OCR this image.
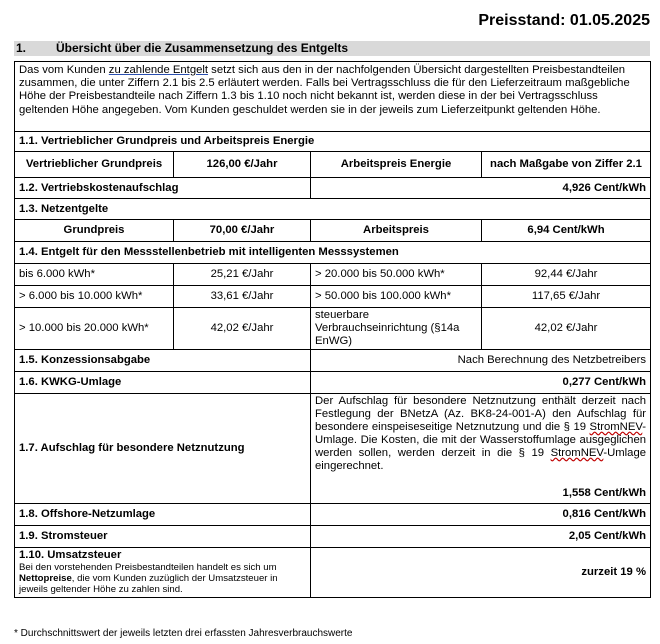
Preisstand: 01.05.2025
1. Übersicht über die Zusammensetzung des Entgelts
Das vom Kunden zu zahlende Entgelt setzt sich aus den in der nachfolgenden Übersicht dargestellten Preisbestandteilen zusammen, die unter Ziffern 2.1 bis 2.5 erläutert werden. Falls bei Vertragsschluss die für den Lieferzeitraum maßgebliche Höhe der Preisbestandteile nach Ziffern 1.3 bis 1.10 noch nicht bekannt ist, werden diese in der bei Vertragsschluss geltenden Höhe angegeben. Vom Kunden geschuldet werden sie in der jeweils zum Lieferzeitpunkt geltenden Höhe.			
1.1. Vertrieblicher Grundpreis und Arbeitspreis Energie			
Vertrieblicher Grundpreis	126,00 €/Jahr	Arbeitspreis Energie	nach Maßgabe von Ziffer 2.1
1.2. Vertriebskostenaufschlag		4,926 Cent/kWh	
1.3. Netzentgelte			
Grundpreis	70,00 €/Jahr	Arbeitspreis	6,94 Cent/kWh
1.4. Entgelt für den Messstellenbetrieb mit intelligenten Messsystemen			
bis 6.000 kWh*	25,21 €/Jahr	> 20.000 bis 50.000 kWh*	92,44 €/Jahr
> 6.000 bis 10.000 kWh*	33,61 €/Jahr	> 50.000 bis 100.000 kWh*	117,65 €/Jahr
> 10.000 bis 20.000 kWh*	42,02 €/Jahr	steuerbare Verbrauchseinrichtung (§14a EnWG)	42,02 €/Jahr
1.5. Konzessionsabgabe		Nach Berechnung des Netzbetreibers	
1.6. KWKG-Umlage		0,277 Cent/kWh	
1.7. Aufschlag für besondere Netznutzung		Der Aufschlag für besondere Netznutzung enthält derzeit nach Festlegung der BNetzA (Az. BK8-24-001-A) den Aufschlag für besondere einspeiseseitige Netznutzung und die § 19 StromNEV-Umlage. Die Kosten, die mit der Wasserstoffumlage ausgeglichen werden sollen, werden derzeit in die § 19 StromNEV-Umlage eingerechnet.
1,558 Cent/kWh	

1.8. Offshore-Netzumlage		0,816 Cent/kWh	
1.9. Stromsteuer		2,05 Cent/kWh	

1.10. Umsatzsteuer
Bei den vorstehenden Preisbestandteilen handelt es sich um Nettopreise, die vom Kunden zuzüglich der Umsatzsteuer in jeweils geltender Höhe zu zahlen sind.		zurzeit 19 %	
* Durchschnittswert der jeweils letzten drei erfassten Jahresverbrauchswerte
